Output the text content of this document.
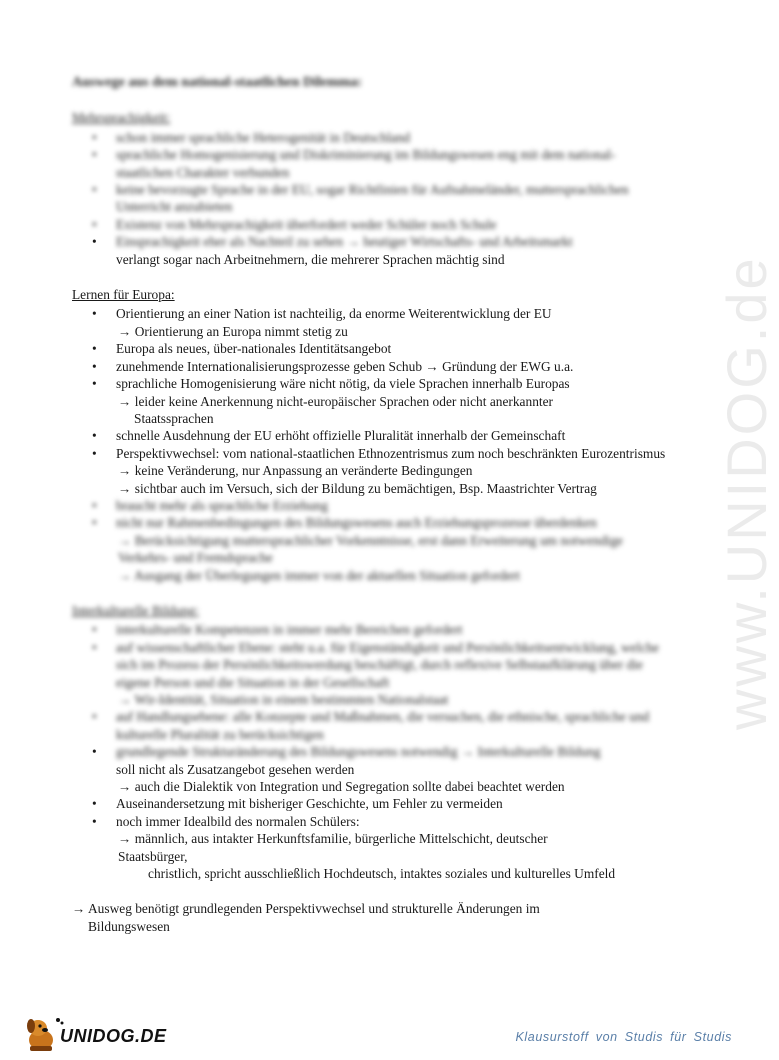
www.UNIDOG.de
Auswege aus dem national-staatlichen Dilemma:
Mehrsprachigkeit:
• schon immer sprachliche Heterogenität in Deutschland
• sprachliche Homogenisierung und Diskriminierung im Bildungswesen eng mit dem national-staatlichen Charakter verbunden
• keine bevorzugte Sprache in der EU, sogar Richtlinien für Aufnahmeländer, muttersprachlichen Unterricht anzubieten
• Existenz von Mehrsprachigkeit überfordert weder Schüler noch Schule
• Einsprachigkeit eher als Nachteil zu sehen → heutiger Wirtschafts- und Arbeitsmarkt
verlangt sogar nach Arbeitnehmern, die mehrerer Sprachen mächtig sind
Lernen für Europa:
• Orientierung an einer Nation ist nachteilig, da enorme Weiterentwicklung der EU
→ Orientierung an Europa nimmt stetig zu
• Europa als neues, über-nationales Identitätsangebot
• zunehmende Internationalisierungsprozesse geben Schub → Gründung der EWG u.a.
• sprachliche Homogenisierung wäre nicht nötig, da viele Sprachen innerhalb Europas
→ leider keine Anerkennung nicht-europäischer Sprachen oder nicht anerkannter
Staatssprachen
• schnelle Ausdehnung der EU erhöht offizielle Pluralität innerhalb der Gemeinschaft
• Perspektivwechsel: vom national-staatlichen Ethnozentrismus zum noch beschränkten Eurozentrismus
→ keine Veränderung, nur Anpassung an veränderte Bedingungen
→ sichtbar auch im Versuch, sich der Bildung zu bemächtigen, Bsp. Maastrichter Vertrag
• braucht mehr als sprachliche Erziehung
• nicht nur Rahmenbedingungen des Bildungswesens auch Erziehungsprozesse überdenken
→ Berücksichtigung muttersprachlicher Vorkenntnisse, erst dann Erweiterung um notwendige Verkehrs- und Fremdsprache
→ Ausgang der Überlegungen immer von der aktuellen Situation gefordert
Interkulturelle Bildung:
• interkulturelle Kompetenzen in immer mehr Bereichen gefordert
• auf wissenschaftlicher Ebene: steht u.a. für Eigenständigkeit und Persönlichkeitsentwicklung, welche sich im Prozess der Persönlichkeitswerdung beschäftigt, durch reflexive Selbstaufklärung über die eigene Person und die Situation in der Gesellschaft
→ Wir-Identität, Situation in einem bestimmten Nationalstaat
• auf Handlungsebene: alle Konzepte und Maßnahmen, die versuchen, die ethnische, sprachliche und kulturelle Pluralität zu berücksichtigen
• grundlegende Strukturänderung des Bildungswesens notwendig → Interkulturelle Bildung
soll nicht als Zusatzangebot gesehen werden
→ auch die Dialektik von Integration und Segregation sollte dabei beachtet werden
• Auseinandersetzung mit bisheriger Geschichte, um Fehler zu vermeiden
• noch immer Idealbild des normalen Schülers:
→ männlich, aus intakter Herkunftsfamilie, bürgerliche Mittelschicht, deutscher
Staatsbürger,
christlich, spricht ausschließlich Hochdeutsch, intaktes soziales und kulturelles Umfeld
→ Ausweg benötigt grundlegenden Perspektivwechsel und strukturelle Änderungen im
Bildungswesen
UNIDOG.DE	Klausurstoff von Studis für Studis
